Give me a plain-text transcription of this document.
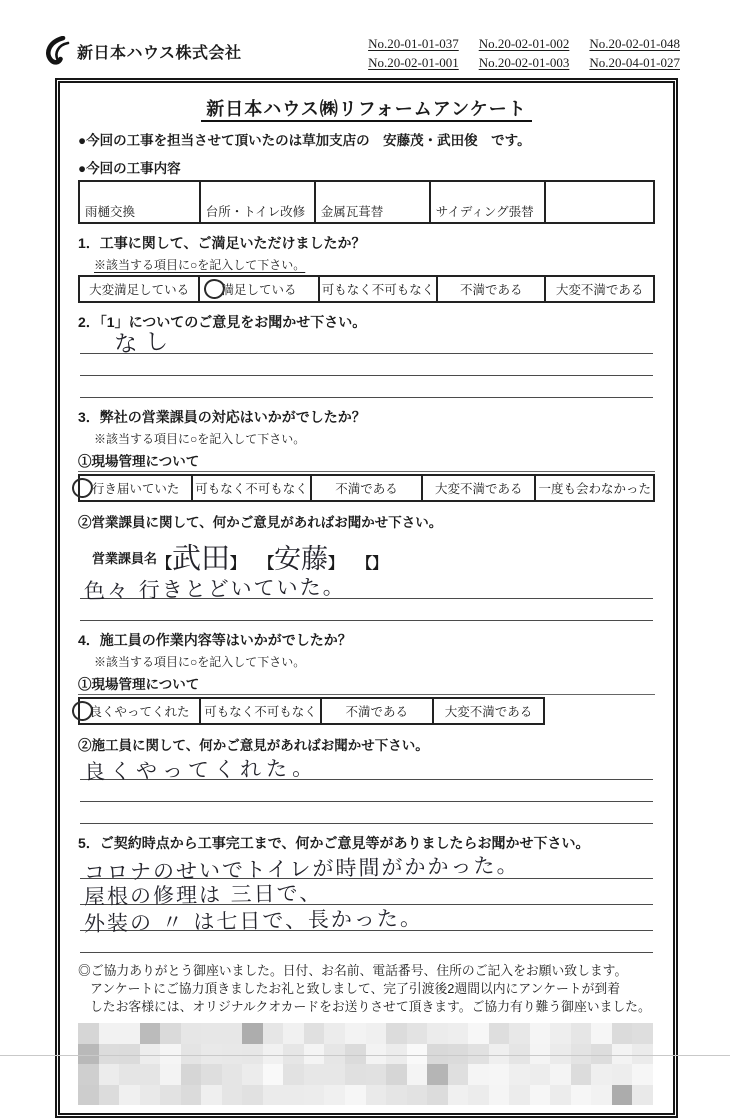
新日本ハウス株式会社
No.20-01-01-037 No.20-02-01-002 No.20-02-01-048
No.20-02-01-001 No.20-02-01-003 No.20-04-01-027
新日本ハウス㈱リフォームアンケート
●今回の工事を担当させて頂いたのは草加支店の　安藤茂・武田俊　です。
●今回の工事内容
雨樋交換	台所・トイレ改修	金属瓦葺替	サイディング張替	
1．工事に関して、ご満足いただけましたか？
※該当する項目に○を記入して下さい。
大変満足している	満足している	可もなく不可もなく	不満である	大変不満である
2．「1」についてのご意見をお聞かせ下さい。
なし
3．弊社の営業課員の対応はいかがでしたか？
※該当する項目に○を記入して下さい。
①現場管理について
行き届いていた	可もなく不可もなく	不満である	大変不満である	一度も会わなかった
②営業課員に関して、何かご意見があればお聞かせ下さい。
営業課員名 【武田】 【安藤】 【】
色々 行きとどいていた。
4．施工員の作業内容等はいかがでしたか？
※該当する項目に○を記入して下さい。
①現場管理について
良くやってくれた	可もなく不可もなく	不満である	大変不満である
②施工員に関して、何かご意見があればお聞かせ下さい。
良くやってくれた。
5．ご契約時点から工事完工まで、何かご意見等がありましたらお聞かせ下さい。
コロナのせいでトイレが時間がかかった。
屋根の修理は 三日で、
外装の 〃 は七日で、長かった。
◎ご協力ありがとう御座いました。日付、お名前、電話番号、住所のご記入をお願い致します。
アンケートにご協力頂きましたお礼と致しまして、完了引渡後2週間以内にアンケートが到着
したお客様には、オリジナルクオカードをお送りさせて頂きます。ご協力有り難う御座いました。
